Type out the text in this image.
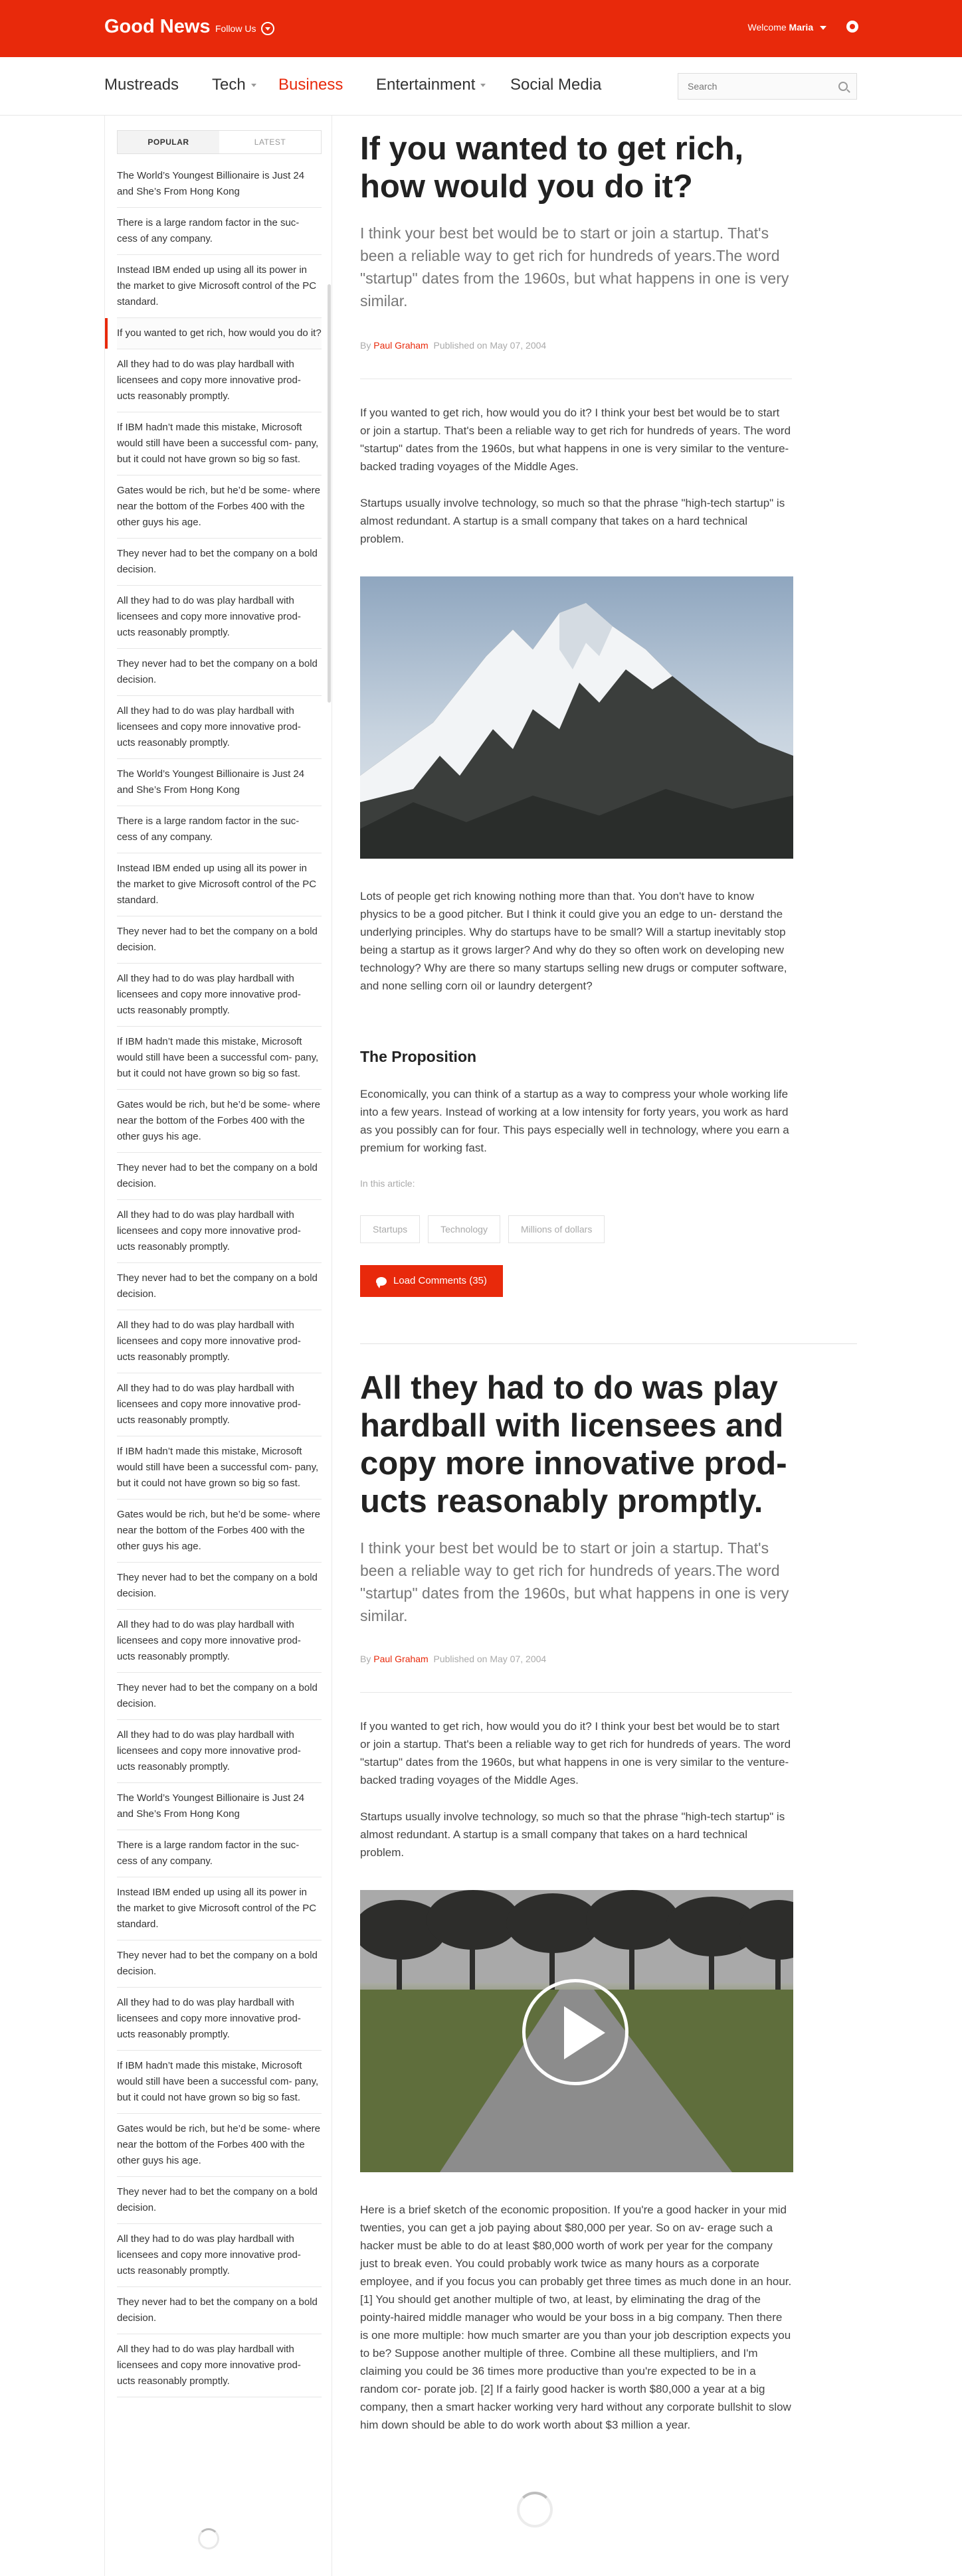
Good News Follow Us	Welcome Maria
Mustreads Tech	Business Entertainment	Social Media
Search
POPULAR	LATEST
The World’s Youngest Billionaire is Just 24 and She’s From Hong Kong
There is a large random factor in the suc- cess of any company.
Instead IBM ended up using all its power in the market to give Microsoft control of the PC standard.
If you wanted to get rich, how would you do it?
All they had to do was play hardball with licensees and copy more innovative prod- ucts reasonably promptly.
If IBM hadn’t made this mistake, Microsoft would still have been a successful com- pany, but it could not have grown so big so fast.
Gates would be rich, but he’d be some- where near the bottom of the Forbes 400 with the other guys his age.
They never had to bet the company on a bold decision.
All they had to do was play hardball with licensees and copy more innovative prod- ucts reasonably promptly.
They never had to bet the company on a bold decision.
All they had to do was play hardball with licensees and copy more innovative prod- ucts reasonably promptly.
The World’s Youngest Billionaire is Just 24 and She’s From Hong Kong
There is a large random factor in the suc- cess of any company.
Instead IBM ended up using all its power in the market to give Microsoft control of the PC standard.
They never had to bet the company on a bold decision.
All they had to do was play hardball with licensees and copy more innovative prod- ucts reasonably promptly.
If IBM hadn’t made this mistake, Microsoft would still have been a successful com- pany, but it could not have grown so big so fast.
Gates would be rich, but he’d be some- where near the bottom of the Forbes 400 with the other guys his age.
They never had to bet the company on a bold decision.
All they had to do was play hardball with licensees and copy more innovative prod- ucts reasonably promptly.
They never had to bet the company on a bold decision.
All they had to do was play hardball with licensees and copy more innovative prod- ucts reasonably promptly.
All they had to do was play hardball with licensees and copy more innovative prod- ucts reasonably promptly.
If IBM hadn’t made this mistake, Microsoft would still have been a successful com- pany, but it could not have grown so big so fast.
Gates would be rich, but he’d be some- where near the bottom of the Forbes 400 with the other guys his age.
They never had to bet the company on a bold decision.
All they had to do was play hardball with licensees and copy more innovative prod- ucts reasonably promptly.
They never had to bet the company on a bold decision.
All they had to do was play hardball with licensees and copy more innovative prod- ucts reasonably promptly.
The World’s Youngest Billionaire is Just 24 and She’s From Hong Kong
There is a large random factor in the suc- cess of any company.
Instead IBM ended up using all its power in the market to give Microsoft control of the PC standard.
They never had to bet the company on a bold decision.
All they had to do was play hardball with licensees and copy more innovative prod- ucts reasonably promptly.
If IBM hadn’t made this mistake, Microsoft would still have been a successful com- pany, but it could not have grown so big so fast.
Gates would be rich, but he’d be some- where near the bottom of the Forbes 400 with the other guys his age.
They never had to bet the company on a bold decision.
All they had to do was play hardball with licensees and copy more innovative prod- ucts reasonably promptly.
They never had to bet the company on a bold decision.
All they had to do was play hardball with licensees and copy more innovative prod- ucts reasonably promptly.
If you wanted to get rich, how would you do it?
I think your best bet would be to start or join a startup. That's been a reliable way to get rich for hundreds of years.The word "startup" dates from the 1960s, but what happens in one is very similar.
By Paul Graham Published on May 07, 2004
If you wanted to get rich, how would you do it? I think your best bet would be to start or join a startup. That's been a reliable way to get rich for hundreds of years. The word "startup" dates from the 1960s, but what happens in one is very similar to the venture-backed trading voyages of the Middle Ages.
Startups usually involve technology, so much so that the phrase "high-tech startup" is almost redundant. A startup is a small company that takes on a hard technical problem.
Lots of people get rich knowing nothing more than that. You don't have to know physics to be a good pitcher. But I think it could give you an edge to un- derstand the underlying principles. Why do startups have to be small? Will a startup inevitably stop being a startup as it grows larger? And why do they so often work on developing new technology? Why are there so many startups selling new drugs or computer software, and none selling corn oil or laundry detergent?
The Proposition
Economically, you can think of a startup as a way to compress your whole working life into a few years. Instead of working at a low intensity for forty years, you work as hard as you possibly can for four. This pays especially well in technology, where you earn a premium for working fast.
In this article:
Startups	Technology	Millions of dollars
Load Comments (35)
All they had to do was play hardball with licensees and copy more innovative prod- ucts reasonably promptly.
I think your best bet would be to start or join a startup. That's been a reliable way to get rich for hundreds of years.The word "startup" dates from the 1960s, but what happens in one is very similar.
By Paul Graham Published on May 07, 2004
If you wanted to get rich, how would you do it? I think your best bet would be to start or join a startup. That's been a reliable way to get rich for hundreds of years. The word "startup" dates from the 1960s, but what happens in one is very similar to the venture-backed trading voyages of the Middle Ages.
Startups usually involve technology, so much so that the phrase "high-tech startup" is almost redundant. A startup is a small company that takes on a hard technical problem.
Here is a brief sketch of the economic proposition. If you're a good hacker in your mid twenties, you can get a job paying about $80,000 per year. So on av- erage such a hacker must be able to do at least $80,000 worth of work per year for the company just to break even. You could probably work twice as many hours as a corporate employee, and if you focus you can probably get three times as much done in an hour. [1] You should get another multiple of two, at least, by eliminating the drag of the pointy-haired middle manager who would be your boss in a big company. Then there is one more multiple: how much smarter are you than your job description expects you to be? Suppose another multiple of three. Combine all these multipliers, and I'm claiming you could be 36 times more productive than you're expected to be in a random cor- porate job. [2] If a fairly good hacker is worth $80,000 a year at a big company, then a smart hacker working very hard without any corporate bullshit to slow him down should be able to do work worth about $3 million a year.
